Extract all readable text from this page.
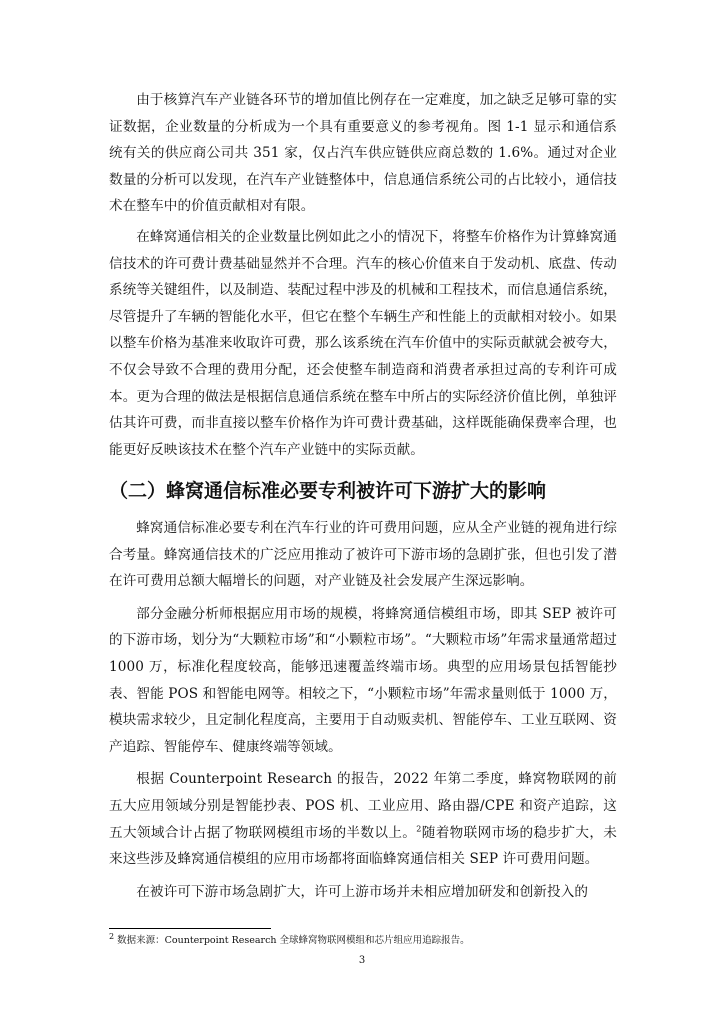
由于核算汽车产业链各环节的增加值比例存在一定难度，加之缺乏足够可靠的实证数据，企业数量的分析成为一个具有重要意义的参考视角。图 1-1 显示和通信系统有关的供应商公司共 351 家，仅占汽车供应链供应商总数的 1.6%。通过对企业数量的分析可以发现，在汽车产业链整体中，信息通信系统公司的占比较小，通信技术在整车中的价值贡献相对有限。

在蜂窝通信相关的企业数量比例如此之小的情况下，将整车价格作为计算蜂窝通信技术的许可费计费基础显然并不合理。汽车的核心价值来自于发动机、底盘、传动系统等关键组件，以及制造、装配过程中涉及的机械和工程技术，而信息通信系统，尽管提升了车辆的智能化水平，但它在整个车辆生产和性能上的贡献相对较小。如果以整车价格为基准来收取许可费，那么该系统在汽车价值中的实际贡献就会被夸大，不仅会导致不合理的费用分配，还会使整车制造商和消费者承担过高的专利许可成本。更为合理的做法是根据信息通信系统在整车中所占的实际经济价值比例，单独评估其许可费，而非直接以整车价格作为许可费计费基础，这样既能确保费率合理，也能更好反映该技术在整个汽车产业链中的实际贡献。

（二）蜂窝通信标准必要专利被许可下游扩大的影响

蜂窝通信标准必要专利在汽车行业的许可费用问题，应从全产业链的视角进行综合考量。蜂窝通信技术的广泛应用推动了被许可下游市场的急剧扩张，但也引发了潜在许可费用总额大幅增长的问题，对产业链及社会发展产生深远影响。

部分金融分析师根据应用市场的规模，将蜂窝通信模组市场，即其 SEP 被许可的下游市场，划分为“大颗粒市场”和“小颗粒市场”。“大颗粒市场”年需求量通常超过 1000 万，标准化程度较高，能够迅速覆盖终端市场。典型的应用场景包括智能抄表、智能 POS 和智能电网等。相较之下，“小颗粒市场”年需求量则低于 1000 万，模块需求较少，且定制化程度高，主要用于自动贩卖机、智能停车、工业互联网、资产追踪、智能停车、健康终端等领域。

根据 Counterpoint Research 的报告，2022 年第二季度，蜂窝物联网的前五大应用领域分别是智能抄表、POS 机、工业应用、路由器/CPE 和资产追踪，这五大领域合计占据了物联网模组市场的半数以上。$^2$随着物联网市场的稳步扩大，未来这些涉及蜂窝通信模组的应用市场都将面临蜂窝通信相关 SEP 许可费用问题。

在被许可下游市场急剧扩大，许可上游市场并未相应增加研发和创新投入的

$^2$ 数据来源：Counterpoint Research 全球蜂窝物联网模组和芯片组应用追踪报告。

3
